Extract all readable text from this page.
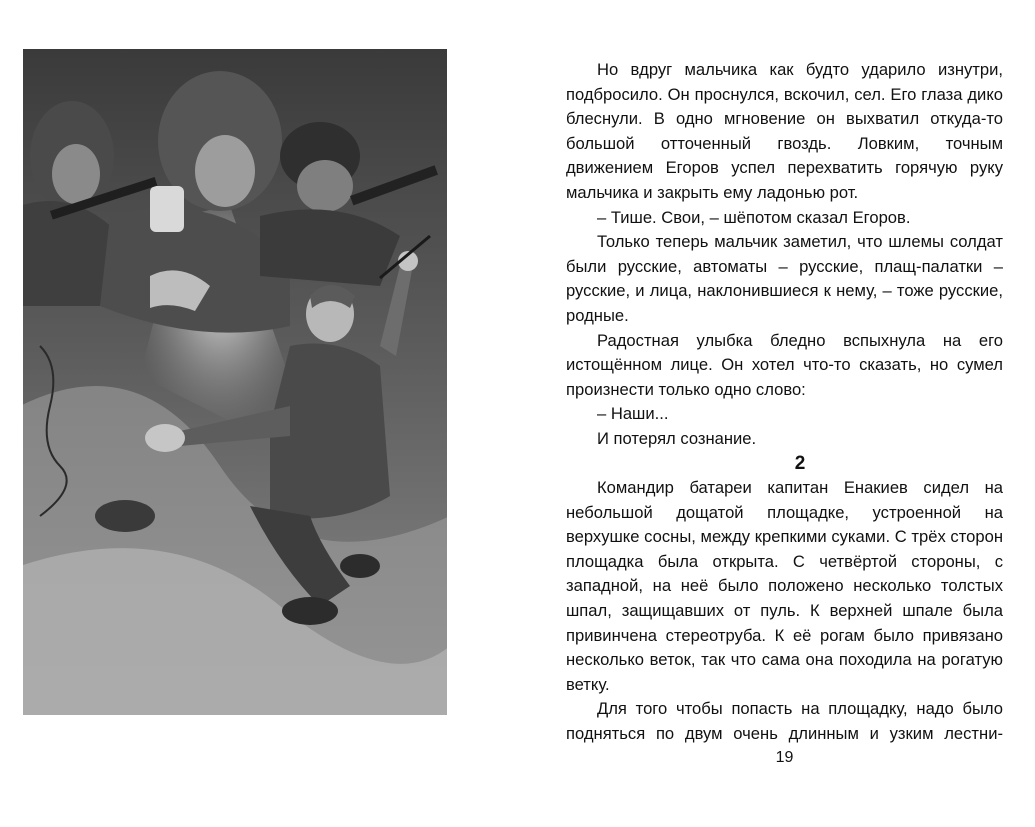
Но вдруг мальчика как будто ударило изнутри, подбросило. Он проснулся, вскочил, сел. Его глаза дико блеснули. В одно мгновение он выхватил откуда-то большой отточенный гвоздь. Ловким, точным движением Егоров успел перехватить горячую руку мальчика и закрыть ему ладонью рот.

– Тише. Свои, – шёпотом сказал Егоров.

Только теперь мальчик заметил, что шлемы солдат были русские, автоматы – русские, плащ-палатки – русские, и лица, наклонившиеся к нему, – тоже русские, родные.

Радостная улыбка бледно вспыхнула на его истощённом лице. Он хотел что-то сказать, но сумел произнести только одно слово:

– Наши...

И потерял сознание.

2

Командир батареи капитан Енакиев сидел на небольшой дощатой площадке, устроенной на верхушке сосны, между крепкими суками. С трёх сторон площадка была открыта. С четвёртой стороны, с западной, на неё было положено несколько толстых шпал, защищавших от пуль. К верхней шпале была привинчена стереотруба. К её рогам было привязано несколько веток, так что сама она походила на рогатую ветку.

Для того чтобы попасть на площадку, надо было подняться по двум очень длинным и узким лестни-

19
